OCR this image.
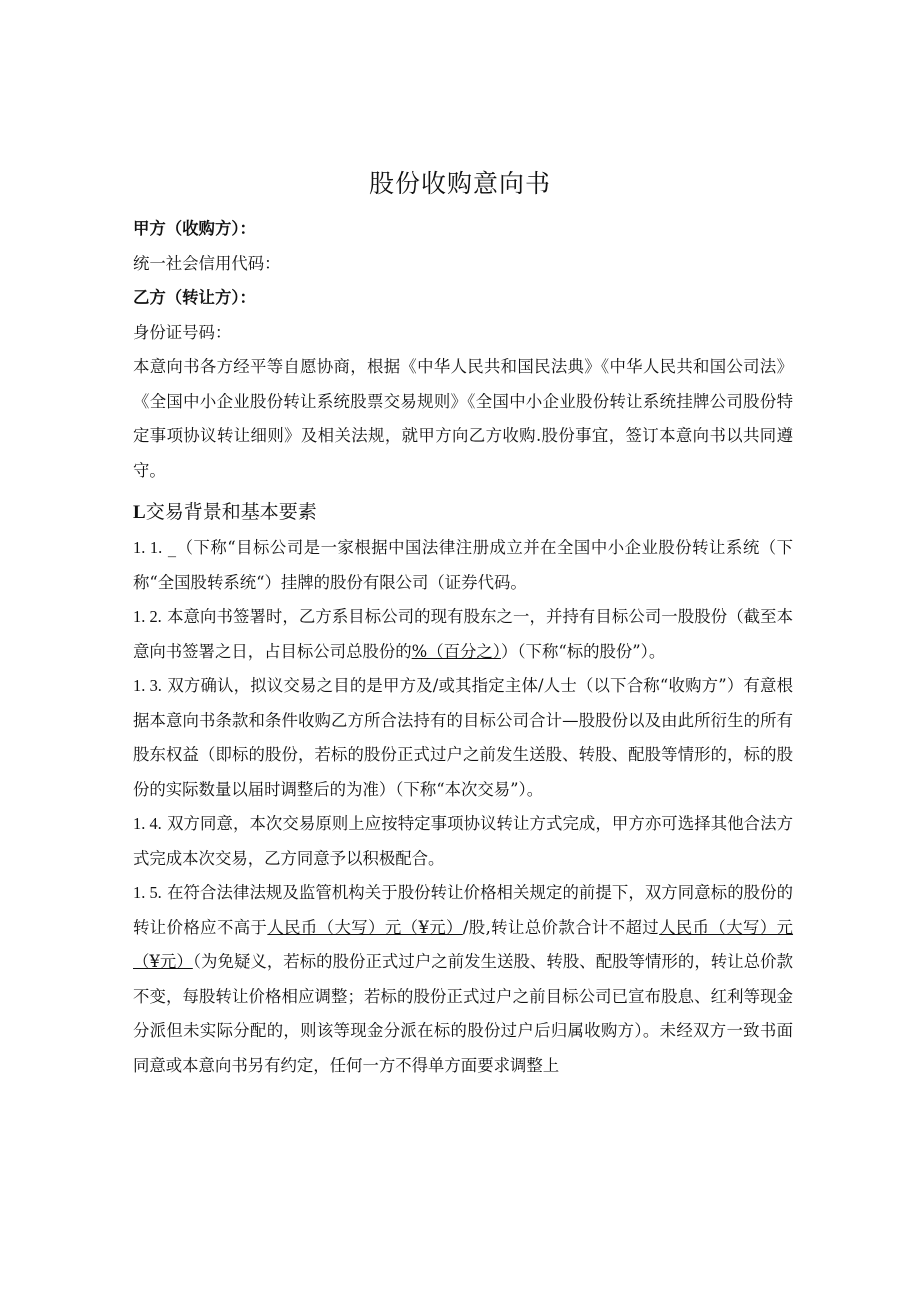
股份收购意向书
甲方（收购方）：
统一社会信用代码：
乙方（转让方）：
身份证号码：

本意向书各方经平等自愿协商，根据《中华人民共和国民法典》《中华人民共和国公司法》《全国中小企业股份转让系统股票交易规则》《全国中小企业股份转让系统挂牌公司股份特定事项协议转让细则》及相关法规，就甲方向乙方收购.股份事宜，签订本意向书以共同遵守。

L交易背景和基本要素

1. 1. _（下称“目标公司是一家根据中国法律注册成立并在全国中小企业股份转让系统（下称“全国股转系统“）挂牌的股份有限公司（证券代码。

1. 2. 本意向书签署时，乙方系目标公司的现有股东之一，并持有目标公司一股股份（截至本意向书签署之日，占目标公司总股份的%（百分之））（下称“标的股份”）。

1. 3. 双方确认，拟议交易之目的是甲方及/或其指定主体/人士（以下合称“收购方”）有意根据本意向书条款和条件收购乙方所合法持有的目标公司合计—股股份以及由此所衍生的所有股东权益（即标的股份，若标的股份正式过户之前发生送股、转股、配股等情形的，标的股份的实际数量以届时调整后的为准）（下称“本次交易”）。

1. 4. 双方同意，本次交易原则上应按特定事项协议转让方式完成，甲方亦可选择其他合法方式完成本次交易，乙方同意予以积极配合。

1. 5. 在符合法律法规及监管机构关于股份转让价格相关规定的前提下，双方同意标的股份的转让价格应不高于人民币（大写）元（¥元）/股,转让总价款合计不超过人民币（大写）元（¥元）（为免疑义，若标的股份正式过户之前发生送股、转股、配股等情形的，转让总价款不变，每股转让价格相应调整；若标的股份正式过户之前目标公司已宣布股息、红利等现金分派但未实际分配的，则该等现金分派在标的股份过户后归属收购方）。未经双方一致书面同意或本意向书另有约定，任何一方不得单方面要求调整上
